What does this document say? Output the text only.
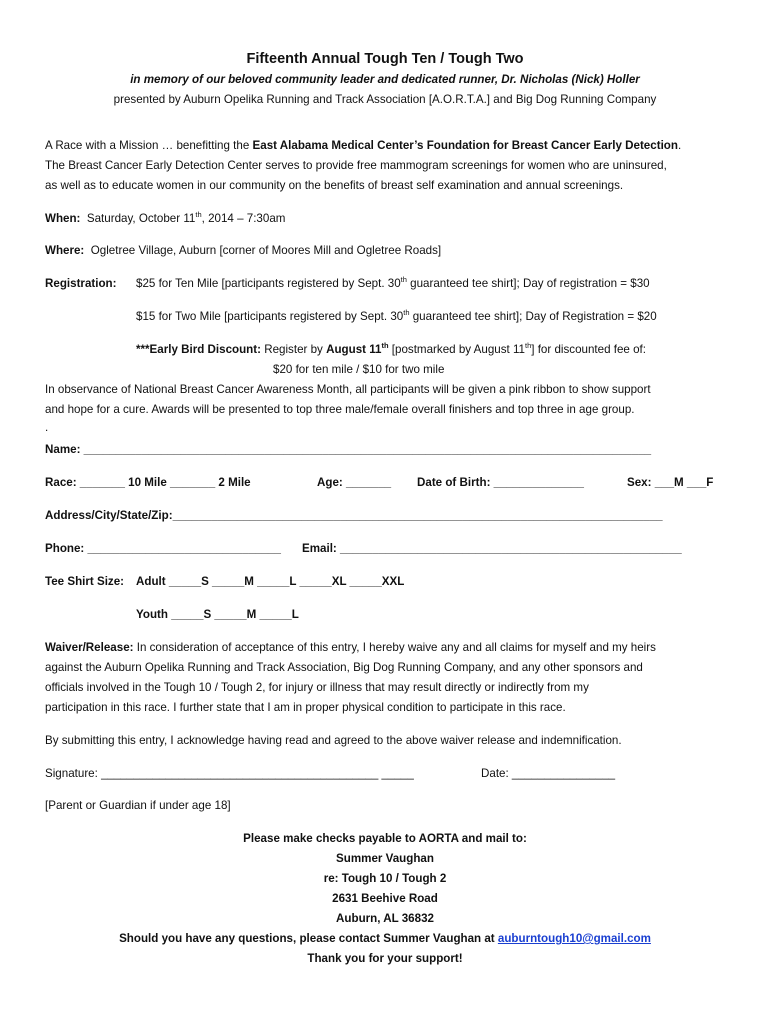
Fifteenth Annual Tough Ten / Tough Two
in memory of our beloved community leader and dedicated runner, Dr. Nicholas (Nick) Holler
presented by Auburn Opelika Running and Track Association [A.O.R.T.A.] and Big Dog Running Company
A Race with a Mission … benefitting the East Alabama Medical Center’s Foundation for Breast Cancer Early Detection.
The Breast Cancer Early Detection Center serves to provide free mammogram screenings for women who are uninsured,
as well as to educate women in our community on the benefits of breast self examination and annual screenings.
When: Saturday, October 11th, 2014 – 7:30am
Where: Ogletree Village, Auburn [corner of Moores Mill and Ogletree Roads]
Registration: $25 for Ten Mile [participants registered by Sept. 30th guaranteed tee shirt]; Day of registration = $30
$15 for Two Mile [participants registered by Sept. 30th guaranteed tee shirt]; Day of Registration = $20
***Early Bird Discount: Register by August 11th [postmarked by August 11th] for discounted fee of:
$20 for ten mile / $10 for two mile
In observance of National Breast Cancer Awareness Month, all participants will be given a pink ribbon to show support
and hope for a cure. Awards will be presented to top three male/female overall finishers and top three in age group.
.
Name: ________________________________________________________________________________________
Race: _______ 10 Mile _______ 2 Mile	Age: _______ Date of Birth: ______________	Sex: ___M ___F
Address/City/State/Zip:____________________________________________________________________________
Phone: ______________________________ Email: _____________________________________________________
Tee Shirt Size: Adult _____S _____M _____L _____XL _____XXL
Youth _____S _____M _____L
Waiver/Release: In consideration of acceptance of this entry, I hereby waive any and all claims for myself and my heirs
against the Auburn Opelika Running and Track Association, Big Dog Running Company, and any other sponsors and
officials involved in the Tough 10 / Tough 2, for injury or illness that may result directly or indirectly from my
participation in this race. I further state that I am in proper physical condition to participate in this race.
By submitting this entry, I acknowledge having read and agreed to the above waiver release and indemnification.
Signature: ___________________________________________ _____	Date: ________________
[Parent or Guardian if under age 18]
Please make checks payable to AORTA and mail to:
Summer Vaughan
re: Tough 10 / Tough 2
2631 Beehive Road
Auburn, AL 36832
Should you have any questions, please contact Summer Vaughan at auburntough10@gmail.com
Thank you for your support!
